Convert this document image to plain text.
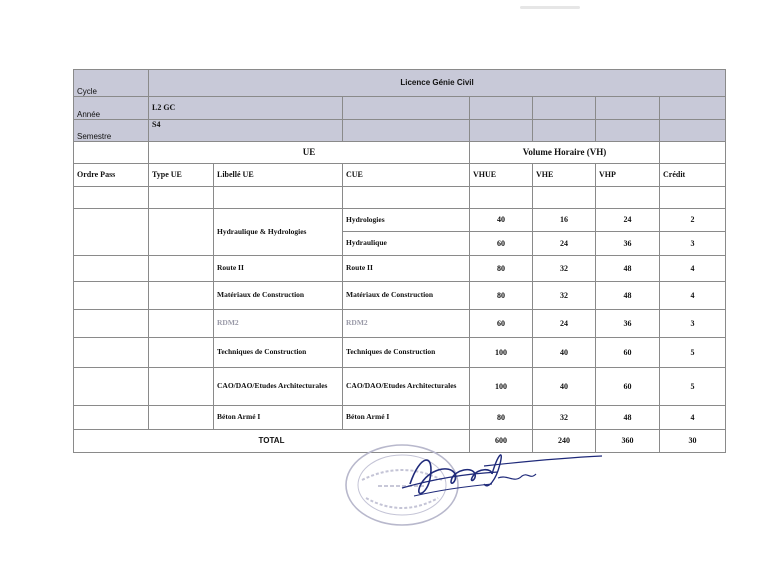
Cycle	Licence Génie Civil						
Année	L2 GC						
Semestre	S4						
	UE			Volume Horaire (VH)			
Ordre Pass	Type UE	Libellé UE	CUE	VHUE	VHE	VHP	Crédit

		Hydraulique & Hydrologies	Hydrologies	40	16	24	2
			Hydraulique	60	24	36	3
		Route II	Route II	80	32	48	4
		Matériaux de Construction	Matériaux de Construction	80	32	48	4
		RDM2	RDM2	60	24	36	3
		Techniques de Construction	Techniques de Construction	100	40	60	5
		CAO/DAO/Etudes Architecturales	CAO/DAO/Etudes Architecturales	100	40	60	5
		Béton Armé I	Béton Armé I	80	32	48	4
TOTAL				600	240	360	30
